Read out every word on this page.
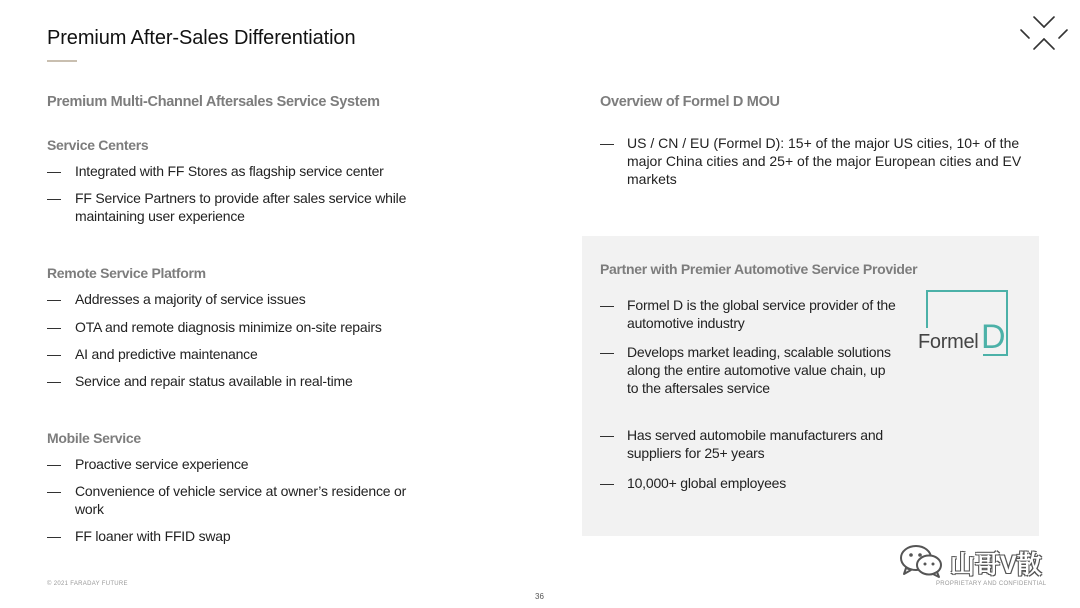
Premium After-Sales Differentiation
Premium Multi-Channel Aftersales Service System
Service Centers
— Integrated with FF Stores as flagship service center
— FF Service Partners to provide after sales service while maintaining user experience
Remote Service Platform
— Addresses a majority of service issues
— OTA and remote diagnosis minimize on-site repairs
— AI and predictive maintenance
— Service and repair status available in real-time
Mobile Service
— Proactive service experience
— Convenience of vehicle service at owner’s residence or work
— FF loaner with FFID swap
Overview of Formel D MOU
— US / CN / EU (Formel D): 15+ of the major US cities, 10+ of the major China cities and 25+ of the major European cities and EV markets
Partner with Premier Automotive Service Provider
— Formel D is the global service provider of the automotive industry
— Develops market leading, scalable solutions along the entire automotive value chain, up to the aftersales service
— Has served automobile manufacturers and suppliers for 25+ years
— 10,000+ global employees
Formel D
© 2021 FARADAY FUTURE	PROPRIETARY AND CONFIDENTIAL
36
山哥V散
